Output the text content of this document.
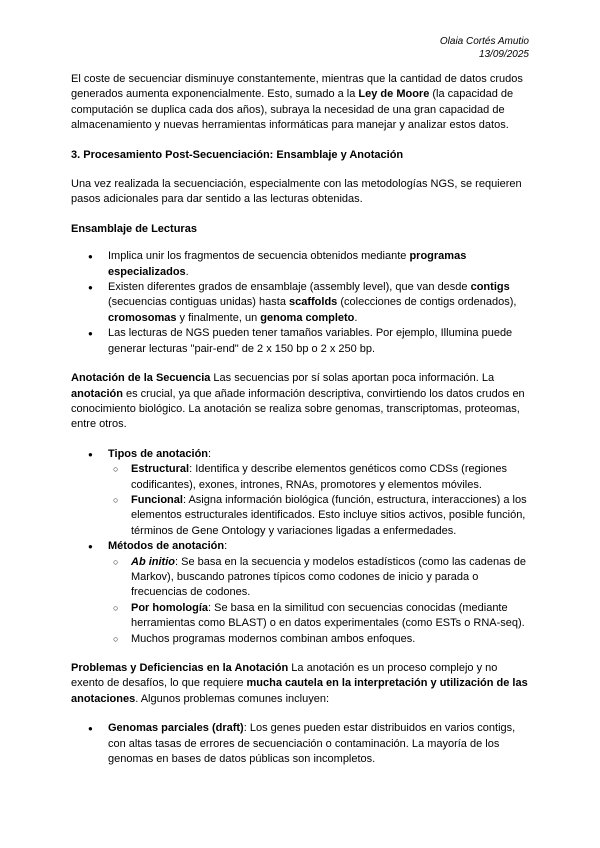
Olaia Cortés Amutio
13/09/2025

El coste de secuenciar disminuye constantemente, mientras que la cantidad de datos crudos generados aumenta exponencialmente. Esto, sumado a la Ley de Moore (la capacidad de computación se duplica cada dos años), subraya la necesidad de una gran capacidad de almacenamiento y nuevas herramientas informáticas para manejar y analizar estos datos.

3. Procesamiento Post-Secuenciación: Ensamblaje y Anotación

Una vez realizada la secuenciación, especialmente con las metodologías NGS, se requieren pasos adicionales para dar sentido a las lecturas obtenidas.

Ensamblaje de Lecturas

● Implica unir los fragmentos de secuencia obtenidos mediante programas especializados.
● Existen diferentes grados de ensamblaje (assembly level), que van desde contigs (secuencias contiguas unidas) hasta scaffolds (colecciones de contigs ordenados), cromosomas y finalmente, un genoma completo.
● Las lecturas de NGS pueden tener tamaños variables. Por ejemplo, Illumina puede generar lecturas "pair-end" de 2 x 150 bp o 2 x 250 bp.

Anotación de la Secuencia Las secuencias por sí solas aportan poca información. La anotación es crucial, ya que añade información descriptiva, convirtiendo los datos crudos en conocimiento biológico. La anotación se realiza sobre genomas, transcriptomas, proteomas, entre otros.

● Tipos de anotación:
○ Estructural: Identifica y describe elementos genéticos como CDSs (regiones codificantes), exones, intrones, RNAs, promotores y elementos móviles.
○ Funcional: Asigna información biológica (función, estructura, interacciones) a los elementos estructurales identificados. Esto incluye sitios activos, posible función, términos de Gene Ontology y variaciones ligadas a enfermedades.
● Métodos de anotación:
○ Ab initio: Se basa en la secuencia y modelos estadísticos (como las cadenas de Markov), buscando patrones típicos como codones de inicio y parada o frecuencias de codones.
○ Por homología: Se basa en la similitud con secuencias conocidas (mediante herramientas como BLAST) o en datos experimentales (como ESTs o RNA-seq).
○ Muchos programas modernos combinan ambos enfoques.

Problemas y Deficiencias en la Anotación La anotación es un proceso complejo y no exento de desafíos, lo que requiere mucha cautela en la interpretación y utilización de las anotaciones. Algunos problemas comunes incluyen:

● Genomas parciales (draft): Los genes pueden estar distribuidos en varios contigs, con altas tasas de errores de secuenciación o contaminación. La mayoría de los genomas en bases de datos públicas son incompletos.
